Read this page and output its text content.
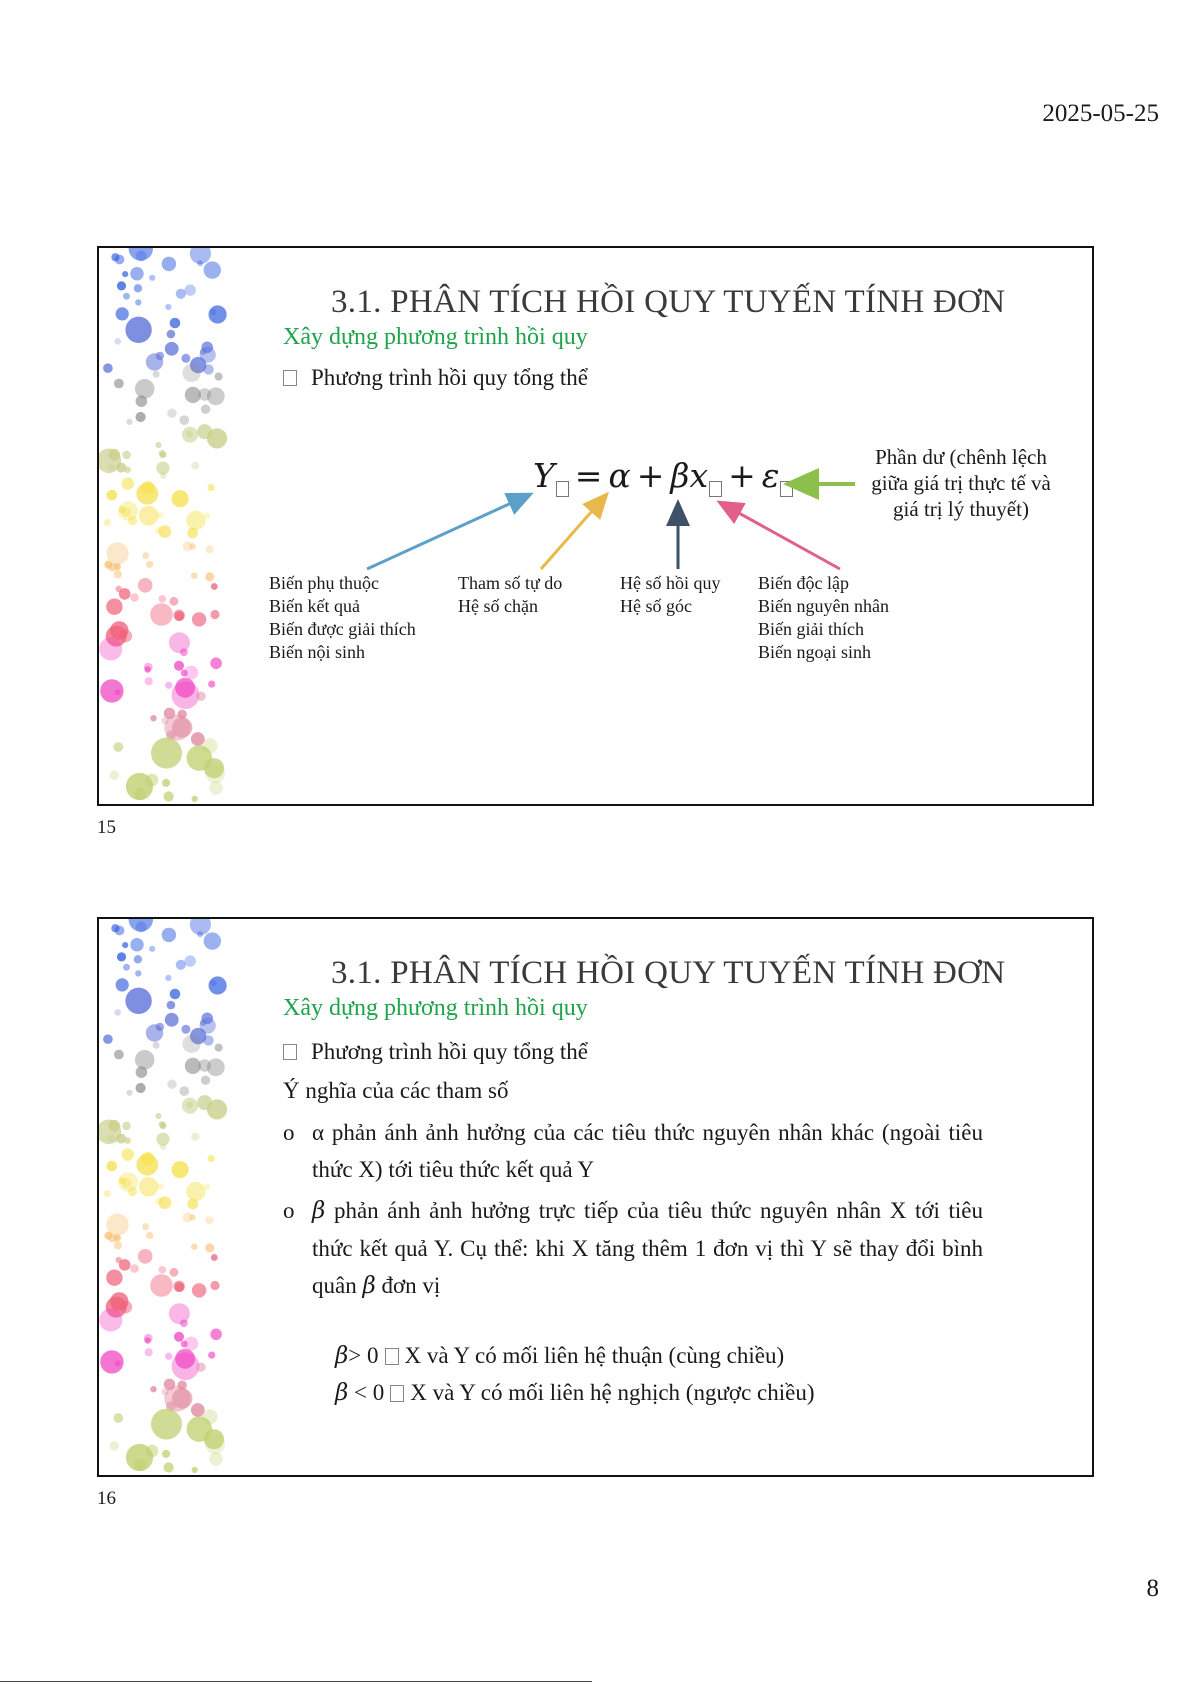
2025-05-25
8
3.1. PHÂN TÍCH HỒI QUY TUYẾN TÍNH ĐƠN
Xây dựng phương trình hồi quy
Phương trình hồi quy tổng thể
Y = α + βx + ε	Phần dư (chênh lệch giữa giá trị thực tế và giá trị lý thuyết)
Biến phụ thuộc
Biến kết quả
Biến được giải thích
Biến nội sinh
Tham số tự do
Hệ số chặn
Hệ số hồi quy
Hệ số góc
Biến độc lập
Biến nguyên nhân
Biến giải thích
Biến ngoại sinh
15
3.1. PHÂN TÍCH HỒI QUY TUYẾN TÍNH ĐƠN
Xây dựng phương trình hồi quy
Phương trình hồi quy tổng thể
Ý nghĩa của các tham số
o α phản ánh ảnh hưởng của các tiêu thức nguyên nhân khác (ngoài tiêu thức X) tới tiêu thức kết quả Y
o β phản ánh ảnh hưởng trực tiếp của tiêu thức nguyên nhân X tới tiêu thức kết quả Y. Cụ thể: khi X tăng thêm 1 đơn vị thì Y sẽ thay đổi bình quân β đơn vị
β> 0 X và Y có mối liên hệ thuận (cùng chiều)
β < 0 X và Y có mối liên hệ nghịch (ngược chiều)
16
